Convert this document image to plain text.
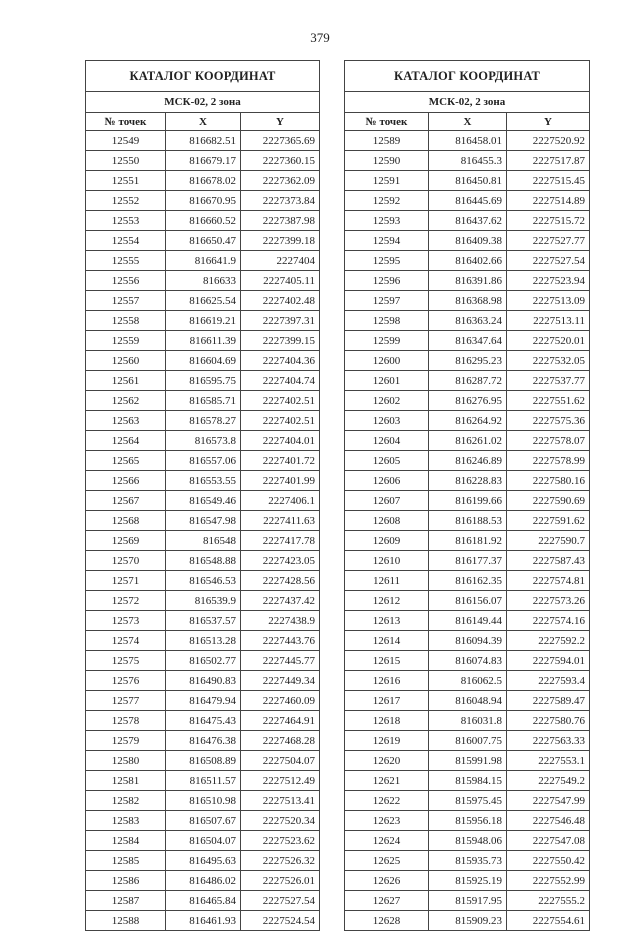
379
КАТАЛОГ КООРДИНАТ		
МСК-02, 2 зона		
№ точек	X	Y
12549	816682.51	2227365.69
12550	816679.17	2227360.15
12551	816678.02	2227362.09
12552	816670.95	2227373.84
12553	816660.52	2227387.98
12554	816650.47	2227399.18
12555	816641.9	2227404
12556	816633	2227405.11
12557	816625.54	2227402.48
12558	816619.21	2227397.31
12559	816611.39	2227399.15
12560	816604.69	2227404.36
12561	816595.75	2227404.74
12562	816585.71	2227402.51
12563	816578.27	2227402.51
12564	816573.8	2227404.01
12565	816557.06	2227401.72
12566	816553.55	2227401.99
12567	816549.46	2227406.1
12568	816547.98	2227411.63
12569	816548	2227417.78
12570	816548.88	2227423.05
12571	816546.53	2227428.56
12572	816539.9	2227437.42
12573	816537.57	2227438.9
12574	816513.28	2227443.76
12575	816502.77	2227445.77
12576	816490.83	2227449.34
12577	816479.94	2227460.09
12578	816475.43	2227464.91
12579	816476.38	2227468.28
12580	816508.89	2227504.07
12581	816511.57	2227512.49
12582	816510.98	2227513.41
12583	816507.67	2227520.34
12584	816504.07	2227523.62
12585	816495.63	2227526.32
12586	816486.02	2227526.01
12587	816465.84	2227527.54
12588	816461.93	2227524.54
КАТАЛОГ КООРДИНАТ		
МСК-02, 2 зона		
№ точек	X	Y
12589	816458.01	2227520.92
12590	816455.3	2227517.87
12591	816450.81	2227515.45
12592	816445.69	2227514.89
12593	816437.62	2227515.72
12594	816409.38	2227527.77
12595	816402.66	2227527.54
12596	816391.86	2227523.94
12597	816368.98	2227513.09
12598	816363.24	2227513.11
12599	816347.64	2227520.01
12600	816295.23	2227532.05
12601	816287.72	2227537.77
12602	816276.95	2227551.62
12603	816264.92	2227575.36
12604	816261.02	2227578.07
12605	816246.89	2227578.99
12606	816228.83	2227580.16
12607	816199.66	2227590.69
12608	816188.53	2227591.62
12609	816181.92	2227590.7
12610	816177.37	2227587.43
12611	816162.35	2227574.81
12612	816156.07	2227573.26
12613	816149.44	2227574.16
12614	816094.39	2227592.2
12615	816074.83	2227594.01
12616	816062.5	2227593.4
12617	816048.94	2227589.47
12618	816031.8	2227580.76
12619	816007.75	2227563.33
12620	815991.98	2227553.1
12621	815984.15	2227549.2
12622	815975.45	2227547.99
12623	815956.18	2227546.48
12624	815948.06	2227547.08
12625	815935.73	2227550.42
12626	815925.19	2227552.99
12627	815917.95	2227555.2
12628	815909.23	2227554.61
